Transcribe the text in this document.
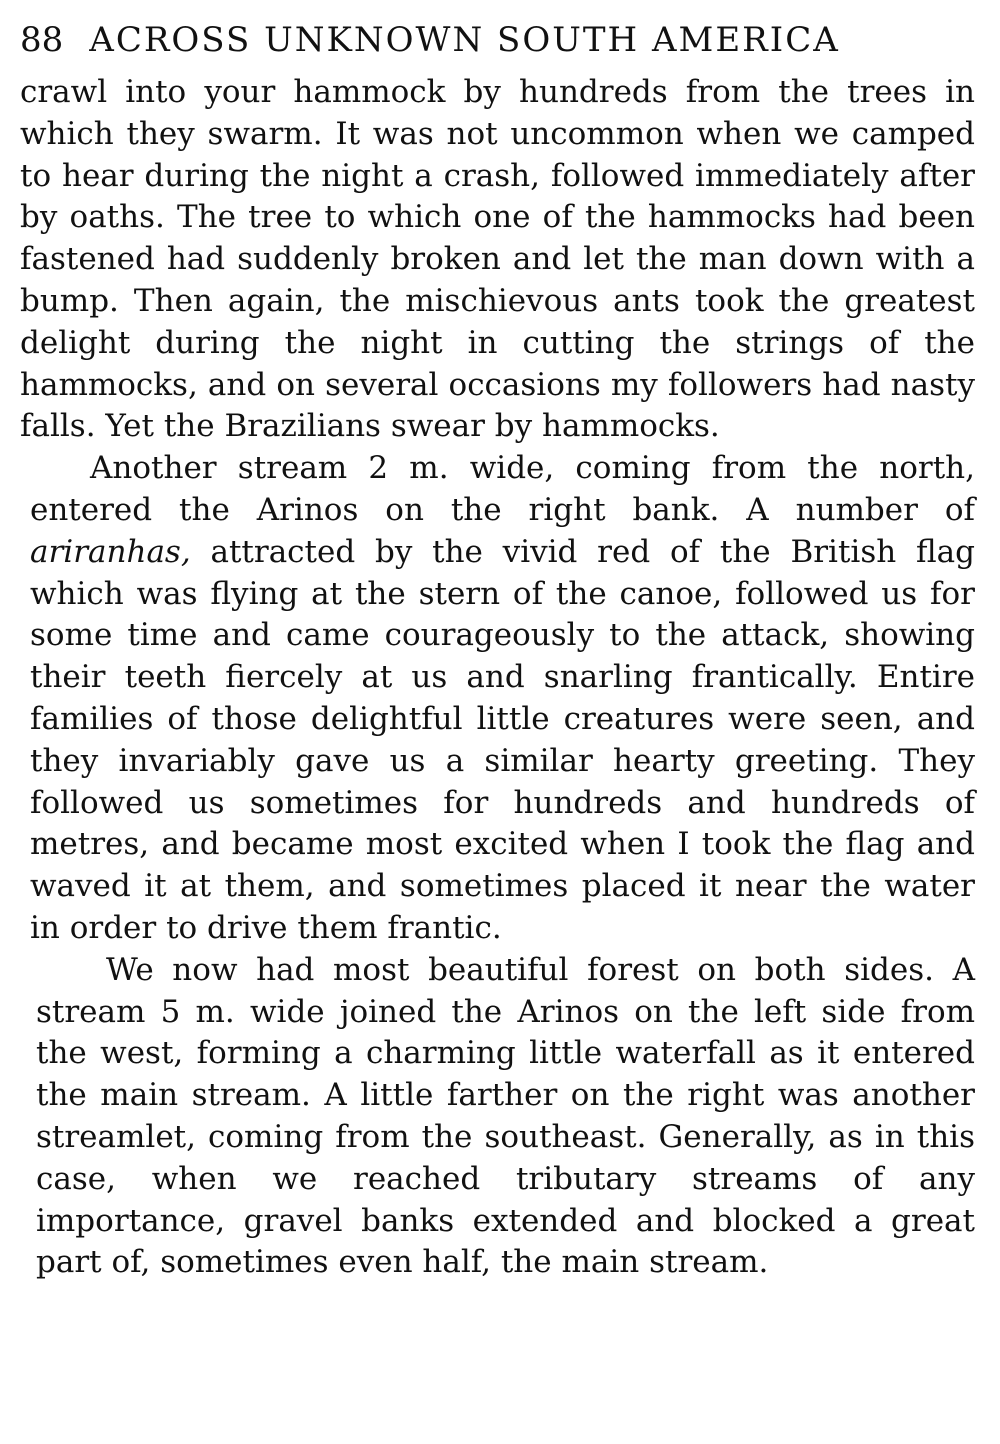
88 ACROSS UNKNOWN SOUTH AMERICA

crawl into your hammock by hundreds from the trees in which they swarm. It was not uncommon when we camped to hear during the night a crash, followed immediately after by oaths. The tree to which one of the hammocks had been fastened had suddenly broken and let the man down with a bump. Then again, the mischievous ants took the greatest delight during the night in cutting the strings of the hammocks, and on several occasions my followers had nasty falls. Yet the Brazilians swear by hammocks.

Another stream 2 m. wide, coming from the north, entered the Arinos on the right bank. A number of ariranhas, attracted by the vivid red of the British flag which was flying at the stern of the canoe, followed us for some time and came courageously to the attack, showing their teeth fiercely at us and snarling frantically. Entire families of those delightful little creatures were seen, and they invariably gave us a similar hearty greeting. They followed us sometimes for hundreds and hundreds of metres, and became most excited when I took the flag and waved it at them, and sometimes placed it near the water in order to drive them frantic.

We now had most beautiful forest on both sides. A stream 5 m. wide joined the Arinos on the left side from the west, forming a charming little waterfall as it entered the main stream. A little farther on the right was another streamlet, coming from the southeast. Generally, as in this case, when we reached tributary streams of any importance, gravel banks extended and blocked a great part of, sometimes even half, the main stream.
